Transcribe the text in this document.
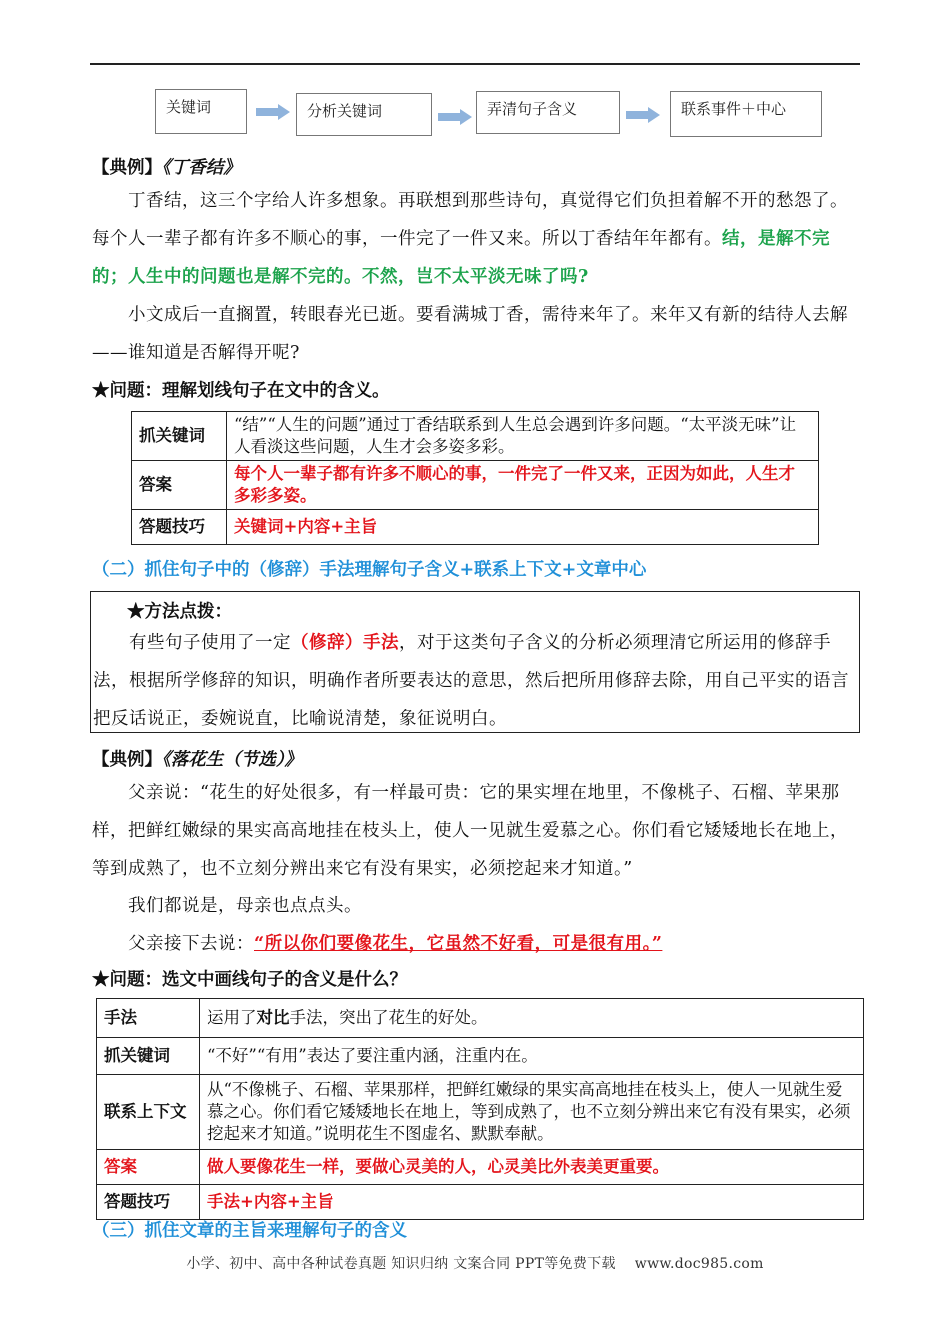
关键词	分析关键词	弄清句子含义	联系事件＋中心
【典例】《丁香结》
丁香结，这三个字给人许多想象。再联想到那些诗句，真觉得它们负担着解不开的愁怨了。每个人一辈子都有许多不顺心的事，一件完了一件又来。所以丁香结年年都有。结，是解不完的；人生中的问题也是解不完的。不然，岂不太平淡无味了吗?
小文成后一直搁置，转眼春光已逝。要看满城丁香，需待来年了。来年又有新的结待人去解——谁知道是否解得开呢?
★问题：理解划线句子在文中的含义。
抓关键词	“结”“人生的问题”通过丁香结联系到人生总会遇到许多问题。“太平淡无味”让人看淡这些问题，人生才会多姿多彩。
答案	每个人一辈子都有许多不顺心的事，一件完了一件又来，正因为如此，人生才多彩多姿。
答题技巧	关键词+内容+主旨
（二）抓住句子中的（修辞）手法理解句子含义+联系上下文+文章中心
★方法点拨：
有些句子使用了一定（修辞）手法，对于这类句子含义的分析必须理清它所运用的修辞手法，根据所学修辞的知识，明确作者所要表达的意思，然后把所用修辞去除，用自己平实的语言把反话说正，委婉说直，比喻说清楚，象征说明白。
【典例】《落花生（节选）》
父亲说：“花生的好处很多，有一样最可贵：它的果实埋在地里，不像桃子、石榴、苹果那样，把鲜红嫩绿的果实高高地挂在枝头上，使人一见就生爱慕之心。你们看它矮矮地长在地上，等到成熟了，也不立刻分辨出来它有没有果实，必须挖起来才知道。”
我们都说是，母亲也点点头。
父亲接下去说：“所以你们要像花生，它虽然不好看，可是很有用。”
★问题：选文中画线句子的含义是什么？
手法	运用了对比手法，突出了花生的好处。
抓关键词	“不好”“有用”表达了要注重内涵，注重内在。
联系上下文	从“不像桃子、石榴、苹果那样，把鲜红嫩绿的果实高高地挂在枝头上，使人一见就生爱慕之心。你们看它矮矮地长在地上，等到成熟了，也不立刻分辨出来它有没有果实，必须挖起来才知道。”说明花生不图虚名、默默奉献。
答案	做人要像花生一样，要做心灵美的人，心灵美比外表美更重要。
答题技巧	手法+内容+主旨
（三）抓住文章的主旨来理解句子的含义
小学、初中、高中各种试卷真题 知识归纳 文案合同 PPT等免费下载　 www.doc985.com
